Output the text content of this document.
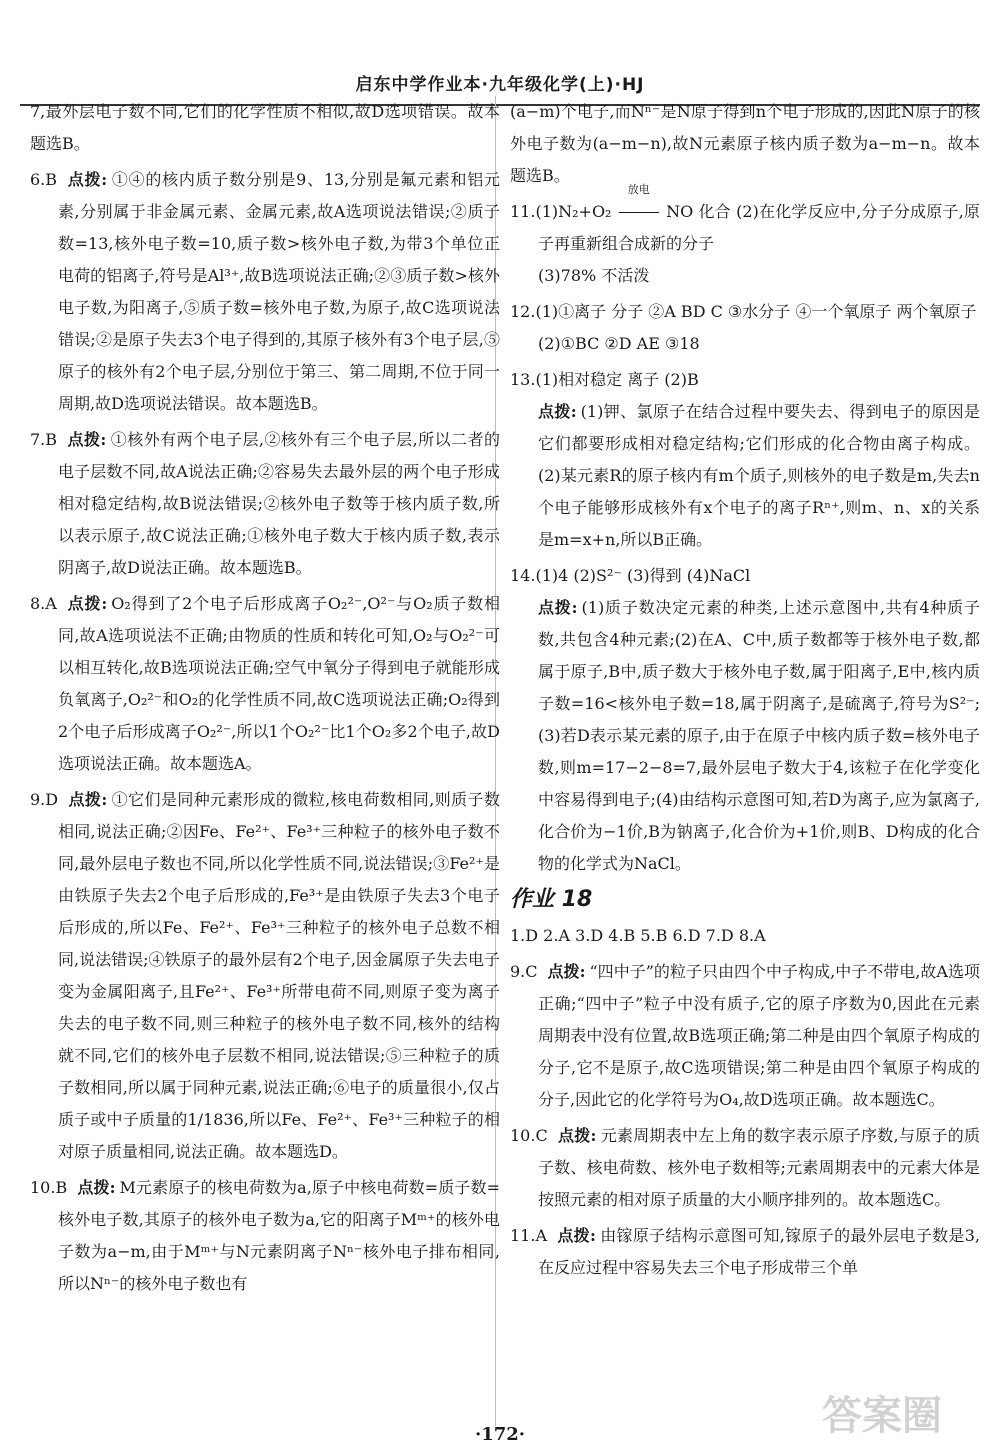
启东中学作业本·九年级化学(上)·HJ
7,最外层电子数不同,它们的化学性质不相似,故D选项错误。故本题选B。
6.B 点拨: ①④的核内质子数分别是9、13,分别是氟元素和铝元素,分别属于非金属元素、金属元素,故A选项说法错误;②质子数=13,核外电子数=10,质子数>核外电子数,为带3个单位正电荷的铝离子,符号是Al³⁺,故B选项说法正确;②③质子数>核外电子数,为阳离子,⑤质子数=核外电子数,为原子,故C选项说法错误;②是原子失去3个电子得到的,其原子核外有3个电子层,⑤原子的核外有2个电子层,分别位于第三、第二周期,不位于同一周期,故D选项说法错误。故本题选B。
7.B 点拨: ①核外有两个电子层,②核外有三个电子层,所以二者的电子层数不同,故A说法正确;②容易失去最外层的两个电子形成相对稳定结构,故B说法错误;②核外电子数等于核内质子数,所以表示原子,故C说法正确;①核外电子数大于核内质子数,表示阴离子,故D说法正确。故本题选B。
8.A 点拨: O₂得到了2个电子后形成离子O₂²⁻,O²⁻与O₂质子数相同,故A选项说法不正确;由物质的性质和转化可知,O₂与O₂²⁻可以相互转化,故B选项说法正确;空气中氧分子得到电子就能形成负氧离子,O₂²⁻和O₂的化学性质不同,故C选项说法正确;O₂得到2个电子后形成离子O₂²⁻,所以1个O₂²⁻比1个O₂多2个电子,故D选项说法正确。故本题选A。
9.D 点拨: ①它们是同种元素形成的微粒,核电荷数相同,则质子数相同,说法正确;②因Fe、Fe²⁺、Fe³⁺三种粒子的核外电子数不同,最外层电子数也不同,所以化学性质不同,说法错误;③Fe²⁺是由铁原子失去2个电子后形成的,Fe³⁺是由铁原子失去3个电子后形成的,所以Fe、Fe²⁺、Fe³⁺三种粒子的核外电子总数不相同,说法错误;④铁原子的最外层有2个电子,因金属原子失去电子变为金属阳离子,且Fe²⁺、Fe³⁺所带电荷不同,则原子变为离子失去的电子数不同,则三种粒子的核外电子数不同,核外的结构就不同,它们的核外电子层数不相同,说法错误;⑤三种粒子的质子数相同,所以属于同种元素,说法正确;⑥电子的质量很小,仅占质子或中子质量的1/1836,所以Fe、Fe²⁺、Fe³⁺三种粒子的相对原子质量相同,说法正确。故本题选D。
10.B 点拨: M元素原子的核电荷数为a,原子中核电荷数=质子数=核外电子数,其原子的核外电子数为a,它的阳离子Mᵐ⁺的核外电子数为a−m,由于Mᵐ⁺与N元素阴离子Nⁿ⁻核外电子排布相同,所以Nⁿ⁻的核外电子数也有
(a−m)个电子,而Nⁿ⁻是N原子得到n个电子形成的,因此N原子的核外电子数为(a−m−n),故N元素原子核内质子数为a−m−n。故本题选B。
11.(1)N₂+O₂
放电
NO 化合 (2)在化学反应中,分子分成原子,原子再重新组合成新的分子
(3)78% 不活泼
12.(1)①离子 分子 ②A BD C ③水分子 ④一个氧原子 两个氧原子
(2)①BC ②D AE ③18
13.(1)相对稳定 离子 (2)B
点拨: (1)钾、氯原子在结合过程中要失去、得到电子的原因是它们都要形成相对稳定结构;它们形成的化合物由离子构成。(2)某元素R的原子核内有m个质子,则核外的电子数是m,失去n个电子能够形成核外有x个电子的离子Rⁿ⁺,则m、n、x的关系是m=x+n,所以B正确。
14.(1)4 (2)S²⁻ (3)得到 (4)NaCl
点拨: (1)质子数决定元素的种类,上述示意图中,共有4种质子数,共包含4种元素;(2)在A、C中,质子数都等于核外电子数,都属于原子,B中,质子数大于核外电子数,属于阳离子,E中,核内质子数=16<核外电子数=18,属于阴离子,是硫离子,符号为S²⁻;(3)若D表示某元素的原子,由于在原子中核内质子数=核外电子数,则m=17−2−8=7,最外层电子数大于4,该粒子在化学变化中容易得到电子;(4)由结构示意图可知,若D为离子,应为氯离子,化合价为−1价,B为钠离子,化合价为+1价,则B、D构成的化合物的化学式为NaCl。
作业 18
1.D 2.A 3.D 4.B 5.B 6.D 7.D 8.A
9.C 点拨: “四中子”的粒子只由四个中子构成,中子不带电,故A选项正确;“四中子”粒子中没有质子,它的原子序数为0,因此在元素周期表中没有位置,故B选项正确;第二种是由四个氧原子构成的分子,它不是原子,故C选项错误;第二种是由四个氧原子构成的分子,因此它的化学符号为O₄,故D选项正确。故本题选C。
10.C 点拨: 元素周期表中左上角的数字表示原子序数,与原子的质子数、核电荷数、核外电子数相等;元素周期表中的元素大体是按照元素的相对原子质量的大小顺序排列的。故本题选C。
11.A 点拨: 由镓原子结构示意图可知,镓原子的最外层电子数是3,在反应过程中容易失去三个电子形成带三个单
·172·	答案圈
